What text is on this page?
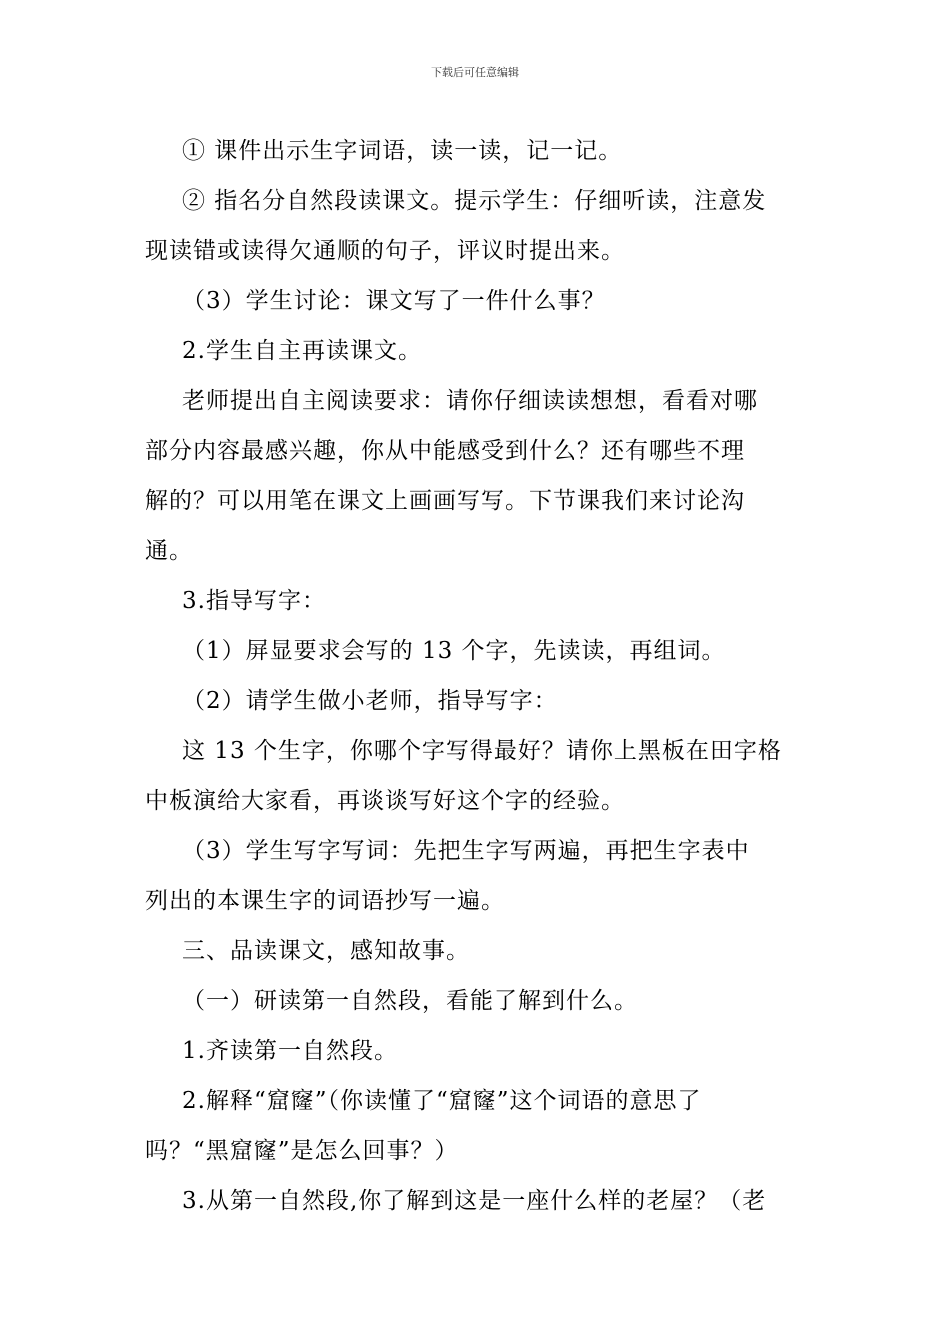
下载后可任意编辑

① 课件出示生字词语，读一读，记一记。

② 指名分自然段读课文。提示学生：仔细听读，注意发

现读错或读得欠通顺的句子，评议时提出来。

（3）学生讨论：课文写了一件什么事？

2.学生自主再读课文。

老师提出自主阅读要求：请你仔细读读想想，看看对哪

部分内容最感兴趣，你从中能感受到什么？还有哪些不理

解的？可以用笔在课文上画画写写。下节课我们来讨论沟

通。

3.指导写字：

（1）屏显要求会写的 13 个字，先读读，再组词。

（2）请学生做小老师，指导写字：

这 13 个生字，你哪个字写得最好？请你上黑板在田字格

中板演给大家看，再谈谈写好这个字的经验。

（3）学生写字写词：先把生字写两遍，再把生字表中

列出的本课生字的词语抄写一遍。

三、品读课文，感知故事。

（一）研读第一自然段，看能了解到什么。

1.齐读第一自然段。

2.解释“窟窿”（你读懂了“窟窿”这个词语的意思了

吗？“黑窟窿”是怎么回事？）

3.从第一自然段,你了解到这是一座什么样的老屋？（老
